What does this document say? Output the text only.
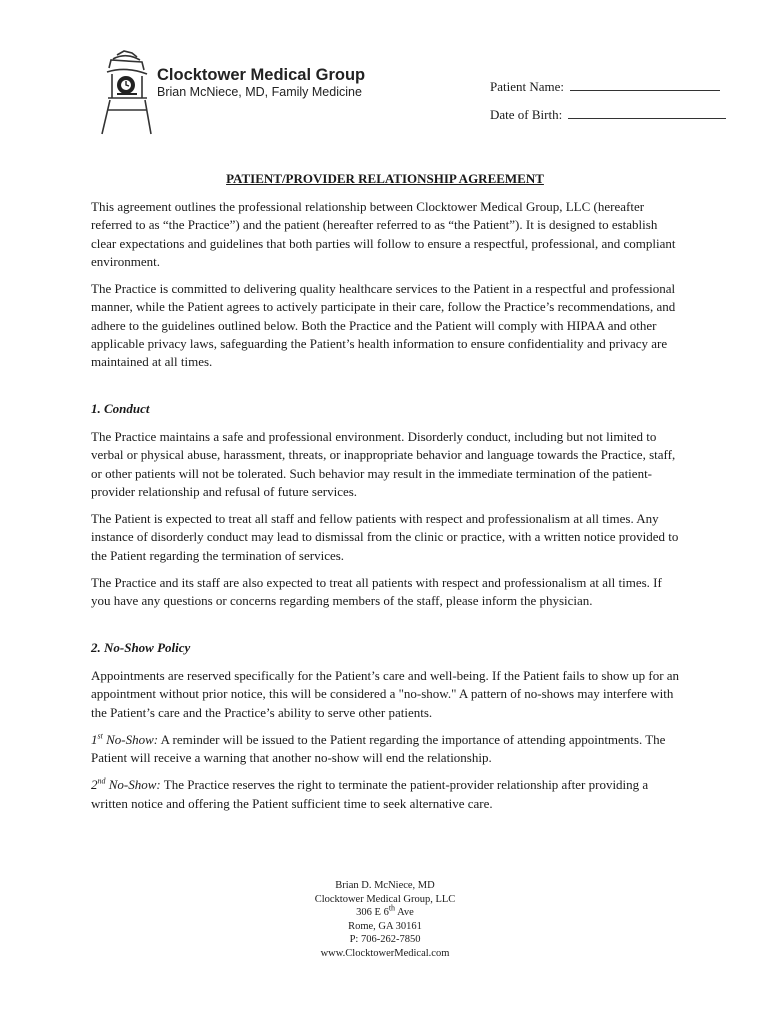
Clocktower Medical Group
Brian McNiece, MD, Family Medicine	Patient Name:
Date of Birth:
PATIENT/PROVIDER RELATIONSHIP AGREEMENT

This agreement outlines the professional relationship between Clocktower Medical Group, LLC (hereafter referred to as “the Practice”) and the patient (hereafter referred to as “the Patient”). It is designed to establish clear expectations and guidelines that both parties will follow to ensure a respectful, professional, and compliant environment.

The Practice is committed to delivering quality healthcare services to the Patient in a respectful and professional manner, while the Patient agrees to actively participate in their care, follow the Practice’s recommendations, and adhere to the guidelines outlined below. Both the Practice and the Patient will comply with HIPAA and other applicable privacy laws, safeguarding the Patient’s health information to ensure confidentiality and privacy are maintained at all times.

1. Conduct

The Practice maintains a safe and professional environment. Disorderly conduct, including but not limited to verbal or physical abuse, harassment, threats, or inappropriate behavior and language towards the Practice, staff, or other patients will not be tolerated. Such behavior may result in the immediate termination of the patient-provider relationship and refusal of future services.

The Patient is expected to treat all staff and fellow patients with respect and professionalism at all times. Any instance of disorderly conduct may lead to dismissal from the clinic or practice, with a written notice provided to the Patient regarding the termination of services.

The Practice and its staff are also expected to treat all patients with respect and professionalism at all times. If you have any questions or concerns regarding members of the staff, please inform the physician.

2. No-Show Policy

Appointments are reserved specifically for the Patient’s care and well-being. If the Patient fails to show up for an appointment without prior notice, this will be considered a "no-show." A pattern of no-shows may interfere with the Patient’s care and the Practice’s ability to serve other patients.

1st No-Show: A reminder will be issued to the Patient regarding the importance of attending appointments. The Patient will receive a warning that another no-show will end the relationship.

2nd No-Show: The Practice reserves the right to terminate the patient-provider relationship after providing a written notice and offering the Patient sufficient time to seek alternative care.

Brian D. McNiece, MD
Clocktower Medical Group, LLC
306 E 6th Ave
Rome, GA 30161
P: 706-262-7850
www.ClocktowerMedical.com
